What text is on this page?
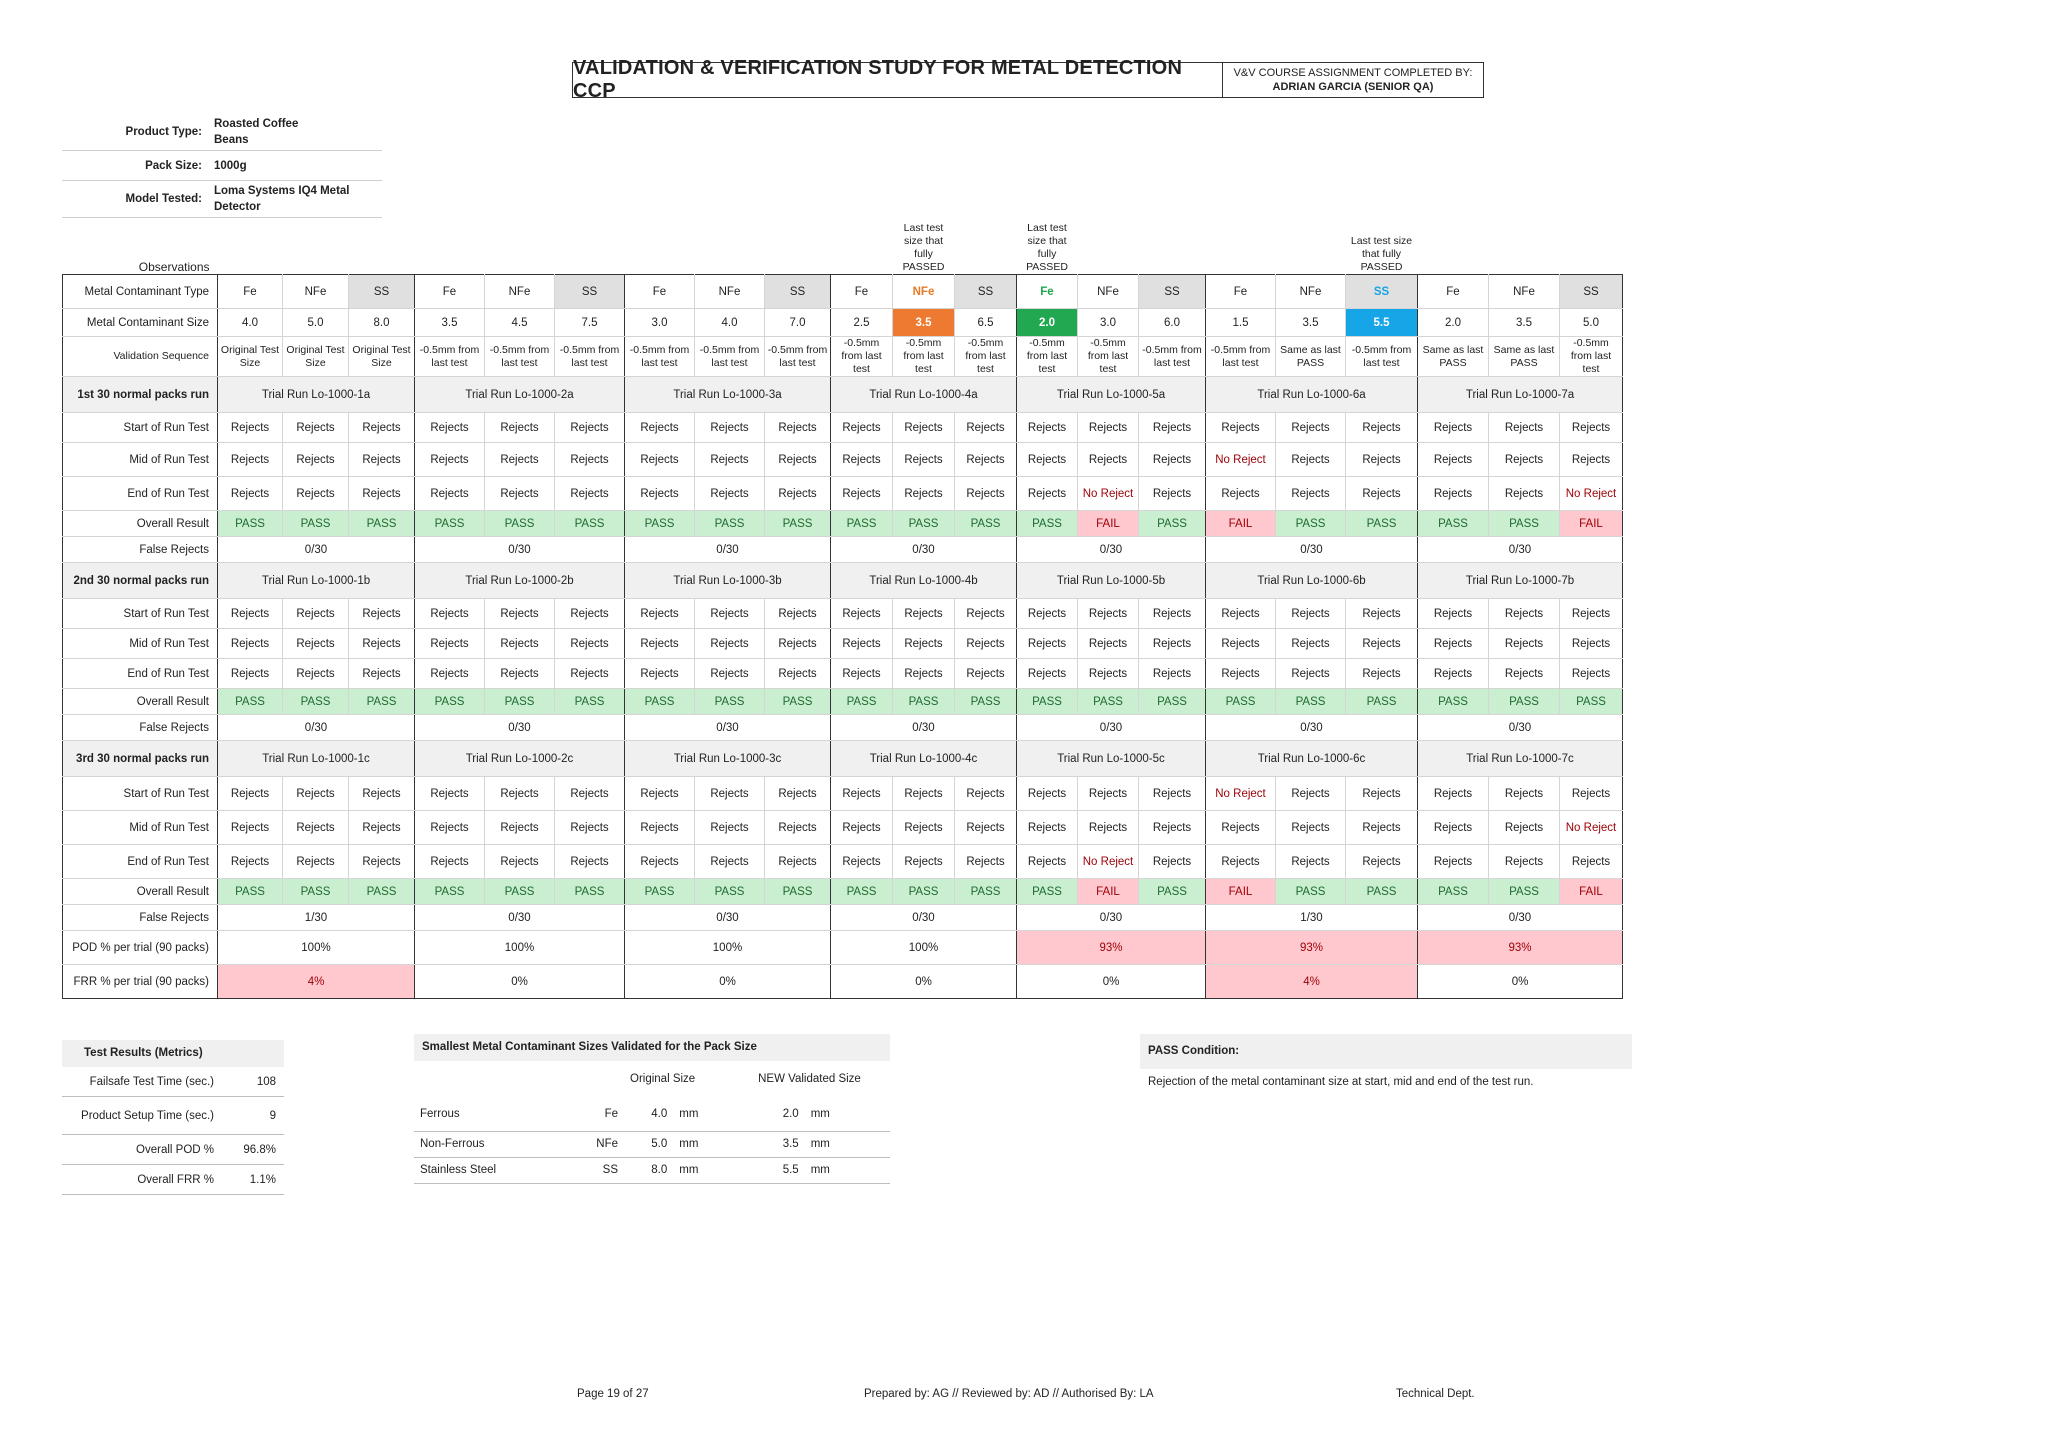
VALIDATION & VERIFICATION STUDY FOR METAL DETECTION CCP
V&V COURSE ASSIGNMENT COMPLETED BY:
ADRIAN GARCIA (SENIOR QA)
Product Type:
Roasted Coffee Beans
Pack Size:	1000g
Model Tested:
Loma Systems IQ4 Metal Detector
Observations											Last test size that fully PASSED		Last test size that fully PASSED					Last test size that fully PASSED			
Metal Contaminant Type	Fe	NFe	SS	Fe	NFe	SS	Fe	NFe	SS	Fe	NFe	SS	Fe	NFe	SS	Fe	NFe	SS	Fe	NFe	SS
Metal Contaminant Size	4.0	5.0	8.0	3.5	4.5	7.5	3.0	4.0	7.0	2.5	3.5	6.5	2.0	3.0	6.0	1.5	3.5	5.5	2.0	3.5	5.0
Validation Sequence	Original Test Size	Original Test Size	Original Test Size	-0.5mm from last test	-0.5mm from last test	-0.5mm from last test	-0.5mm from last test	-0.5mm from last test	-0.5mm from last test	-0.5mm from last test	-0.5mm from last test	-0.5mm from last test	-0.5mm from last test	-0.5mm from last test	-0.5mm from last test	-0.5mm from last test	Same as last PASS	-0.5mm from last test	Same as last PASS	Same as last PASS	-0.5mm from last test
1st 30 normal packs run	Trial Run Lo-1000-1a			Trial Run Lo-1000-2a			Trial Run Lo-1000-3a			Trial Run Lo-1000-4a			Trial Run Lo-1000-5a			Trial Run Lo-1000-6a			Trial Run Lo-1000-7a		
Start of Run Test	Rejects	Rejects	Rejects	Rejects	Rejects	Rejects	Rejects	Rejects	Rejects	Rejects	Rejects	Rejects	Rejects	Rejects	Rejects	Rejects	Rejects	Rejects	Rejects	Rejects	Rejects
Mid of Run Test	Rejects	Rejects	Rejects	Rejects	Rejects	Rejects	Rejects	Rejects	Rejects	Rejects	Rejects	Rejects	Rejects	Rejects	Rejects	No Reject	Rejects	Rejects	Rejects	Rejects	Rejects
End of Run Test	Rejects	Rejects	Rejects	Rejects	Rejects	Rejects	Rejects	Rejects	Rejects	Rejects	Rejects	Rejects	Rejects	No Reject	Rejects	Rejects	Rejects	Rejects	Rejects	Rejects	No Reject
Overall Result	PASS	PASS	PASS	PASS	PASS	PASS	PASS	PASS	PASS	PASS	PASS	PASS	PASS	FAIL	PASS	FAIL	PASS	PASS	PASS	PASS	FAIL
False Rejects	0/30			0/30			0/30			0/30			0/30			0/30			0/30		
2nd 30 normal packs run	Trial Run Lo-1000-1b			Trial Run Lo-1000-2b			Trial Run Lo-1000-3b			Trial Run Lo-1000-4b			Trial Run Lo-1000-5b			Trial Run Lo-1000-6b			Trial Run Lo-1000-7b		
Start of Run Test	Rejects	Rejects	Rejects	Rejects	Rejects	Rejects	Rejects	Rejects	Rejects	Rejects	Rejects	Rejects	Rejects	Rejects	Rejects	Rejects	Rejects	Rejects	Rejects	Rejects	Rejects
Mid of Run Test	Rejects	Rejects	Rejects	Rejects	Rejects	Rejects	Rejects	Rejects	Rejects	Rejects	Rejects	Rejects	Rejects	Rejects	Rejects	Rejects	Rejects	Rejects	Rejects	Rejects	Rejects
End of Run Test	Rejects	Rejects	Rejects	Rejects	Rejects	Rejects	Rejects	Rejects	Rejects	Rejects	Rejects	Rejects	Rejects	Rejects	Rejects	Rejects	Rejects	Rejects	Rejects	Rejects	Rejects
Overall Result	PASS	PASS	PASS	PASS	PASS	PASS	PASS	PASS	PASS	PASS	PASS	PASS	PASS	PASS	PASS	PASS	PASS	PASS	PASS	PASS	PASS
False Rejects	0/30			0/30			0/30			0/30			0/30			0/30			0/30		
3rd 30 normal packs run	Trial Run Lo-1000-1c			Trial Run Lo-1000-2c			Trial Run Lo-1000-3c			Trial Run Lo-1000-4c			Trial Run Lo-1000-5c			Trial Run Lo-1000-6c			Trial Run Lo-1000-7c		
Start of Run Test	Rejects	Rejects	Rejects	Rejects	Rejects	Rejects	Rejects	Rejects	Rejects	Rejects	Rejects	Rejects	Rejects	Rejects	Rejects	No Reject	Rejects	Rejects	Rejects	Rejects	Rejects
Mid of Run Test	Rejects	Rejects	Rejects	Rejects	Rejects	Rejects	Rejects	Rejects	Rejects	Rejects	Rejects	Rejects	Rejects	Rejects	Rejects	Rejects	Rejects	Rejects	Rejects	Rejects	No Reject
End of Run Test	Rejects	Rejects	Rejects	Rejects	Rejects	Rejects	Rejects	Rejects	Rejects	Rejects	Rejects	Rejects	Rejects	No Reject	Rejects	Rejects	Rejects	Rejects	Rejects	Rejects	Rejects
Overall Result	PASS	PASS	PASS	PASS	PASS	PASS	PASS	PASS	PASS	PASS	PASS	PASS	PASS	FAIL	PASS	FAIL	PASS	PASS	PASS	PASS	FAIL
False Rejects	1/30			0/30			0/30			0/30			0/30			1/30			0/30		
POD % per trial (90 packs)	100%			100%			100%			100%			93%			93%			93%		
FRR % per trial (90 packs)	4%			0%			0%			0%			0%			4%			0%		
Test Results (Metrics)
Failsafe Test Time (sec.)	108
Product Setup Time (sec.)	9
Overall POD %	96.8%
Overall FRR %	1.1%
Smallest Metal Contaminant Sizes Validated for the Pack Size
		Original Size		NEW Validated Size	
Ferrous	Fe	4.0	mm	2.0	mm
Non-Ferrous	NFe	5.0	mm	3.5	mm
Stainless Steel	SS	8.0	mm	5.5	mm
PASS Condition:
Rejection of the metal contaminant size at start, mid and end of the test run.
Page 19 of 27	Prepared by: AG // Reviewed by: AD // Authorised By: LA	Technical Dept.
